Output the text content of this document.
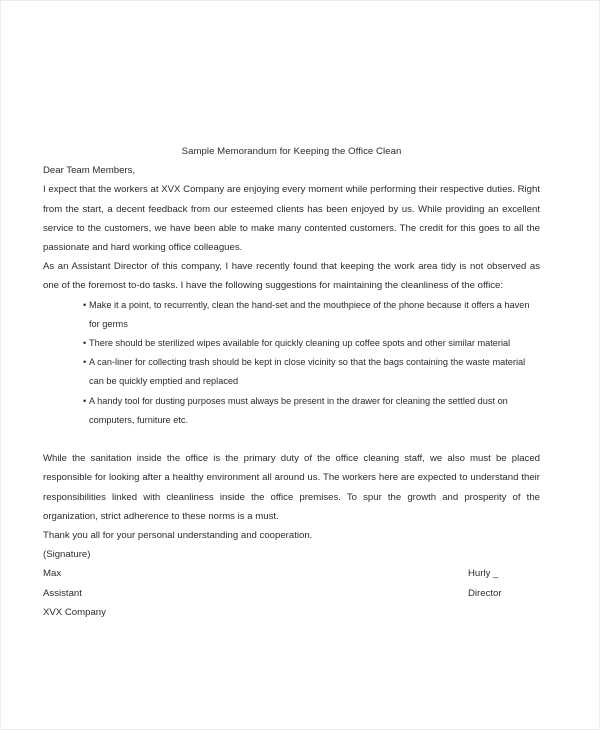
Sample Memorandum for Keeping the Office Clean
Dear Team Members,
I expect that the workers at XVX Company are enjoying every moment while performing their respective duties. Right from the start, a decent feedback from our esteemed clients has been enjoyed by us. While providing an excellent service to the customers, we have been able to make many contented customers. The credit for this goes to all the passionate and hard working office colleagues.
As an Assistant Director of this company, I have recently found that keeping the work area tidy is not observed as one of the foremost to-do tasks. I have the following suggestions for maintaining the cleanliness of the office:
• Make it a point, to recurrently, clean the hand-set and the mouthpiece of the phone because it offers a haven for germs
• There should be sterilized wipes available for quickly cleaning up coffee spots and other similar material
• A can-liner for collecting trash should be kept in close vicinity so that the bags containing the waste material can be quickly emptied and replaced
• A handy tool for dusting purposes must always be present in the drawer for cleaning the settled dust on computers, furniture etc.

While the sanitation inside the office is the primary duty of the office cleaning staff, we also must be placed responsible for looking after a healthy environment all around us. The workers here are expected to understand their responsibilities linked with cleanliness inside the office premises. To spur the growth and prosperity of the organization, strict adherence to these norms is a must.
Thank you all for your personal understanding and cooperation.
(Signature)
Max	Hurly _
Assistant	Director
XVX Company
